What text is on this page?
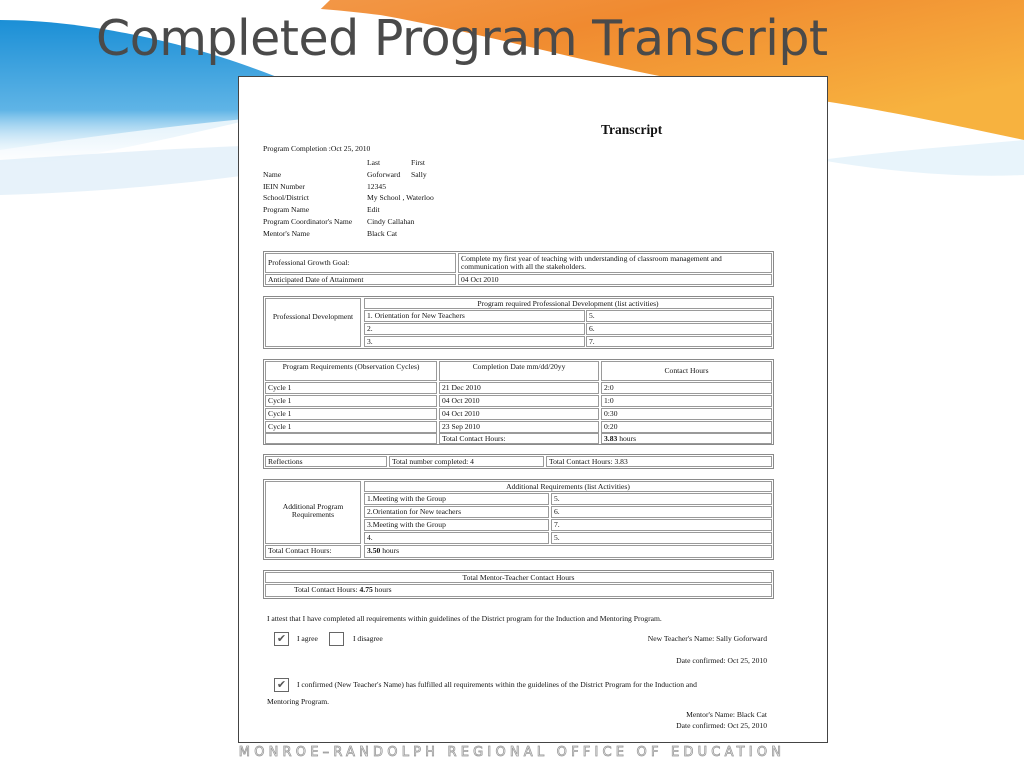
Completed Program Transcript
Transcript
Program Completion :Oct 25, 2010
	Last	First
Name	Goforward	Sally
IEIN Number	12345	
School/District	My School , Waterloo	
Program Name	Edit	
Program Coordinator's Name	Cindy Callahan	
Mentor's Name	Black Cat	
Professional Growth Goal:	Complete my first year of teaching with understanding of classroom management and communication with all the stakeholders.
Anticipated Date of Attainment	04 Oct 2010
Professional Development
Program required Professional Development (list activities)
1. Orientation for New Teachers	5.
2.	6.
3.	7.
Program Requirements (Observation Cycles)	Completion Date mm/dd/20yy	Contact Hours
Cycle 1	21 Dec 2010	2:0
Cycle 1	04 Oct 2010	1:0
Cycle 1	04 Oct 2010	0:30
Cycle 1	23 Sep 2010	0:20
Total Contact Hours:	3.83 hours
Reflections	Total number completed: 4	Total Contact Hours: 3.83
Additional Program Requirements
Additional Requirements (list Activities)
1.Meeting with the Group	5.
2.Orientation for New teachers	6.
3.Meeting with the Group	7.
4.	5.
Total Contact Hours:	3.50 hours
Total Mentor-Teacher Contact Hours
Total Contact Hours: 4.75 hours
I attest that I have completed all requirements within guidelines of the District program for the Induction and Mentoring Program.
✔	I agree	I disagree	New Teacher's Name: Sally Goforward
Date confirmed: Oct 25, 2010
✔	I confirmed (New Teacher's Name) has fulfilled all requirements within the guidelines of the District Program for the Induction and
Mentoring Program.
Mentor's Name: Black Cat
Date confirmed: Oct 25, 2010
MONROE–RANDOLPH REGIONAL OFFICE OF EDUCATION
